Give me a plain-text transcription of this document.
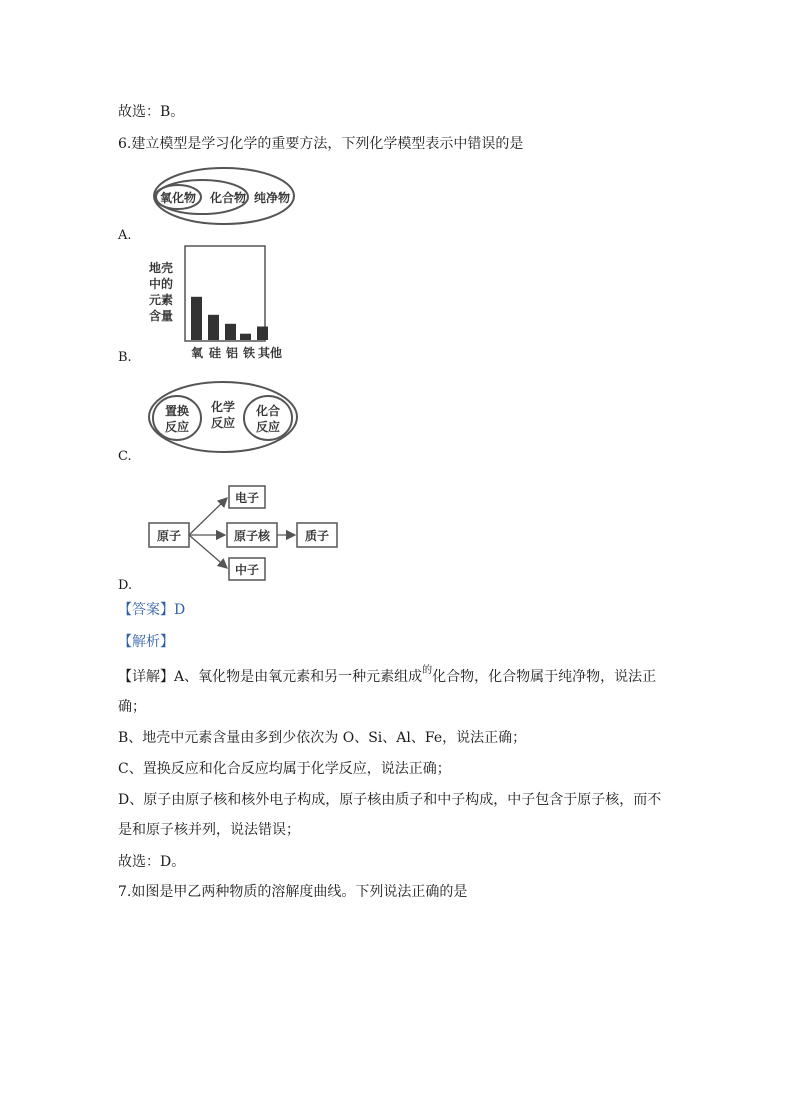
故选：B。
6.建立模型是学习化学的重要方法，下列化学模型表示中错误的是
氧化物 化合物 纯净物
A.
地壳
中的
元素
含量
氧 硅 铝 铁 其他
B.
置换
反应
化学
反应
化合
反应
C.
原子
电子
原子核
中子
质子
D.
【答案】D
【解析】
【详解】A、氧化物是由氧元素和另一种元素组成$^的$化合物，化合物属于纯净物，说法正
确；
B、地壳中元素含量由多到少依次为 O、Si、Al、Fe，说法正确；
C、置换反应和化合反应均属于化学反应，说法正确；
D、原子由原子核和核外电子构成，原子核由质子和中子构成，中子包含于原子核，而不
是和原子核并列，说法错误；
故选：D。
7.如图是甲乙两种物质的溶解度曲线。下列说法正确的是
